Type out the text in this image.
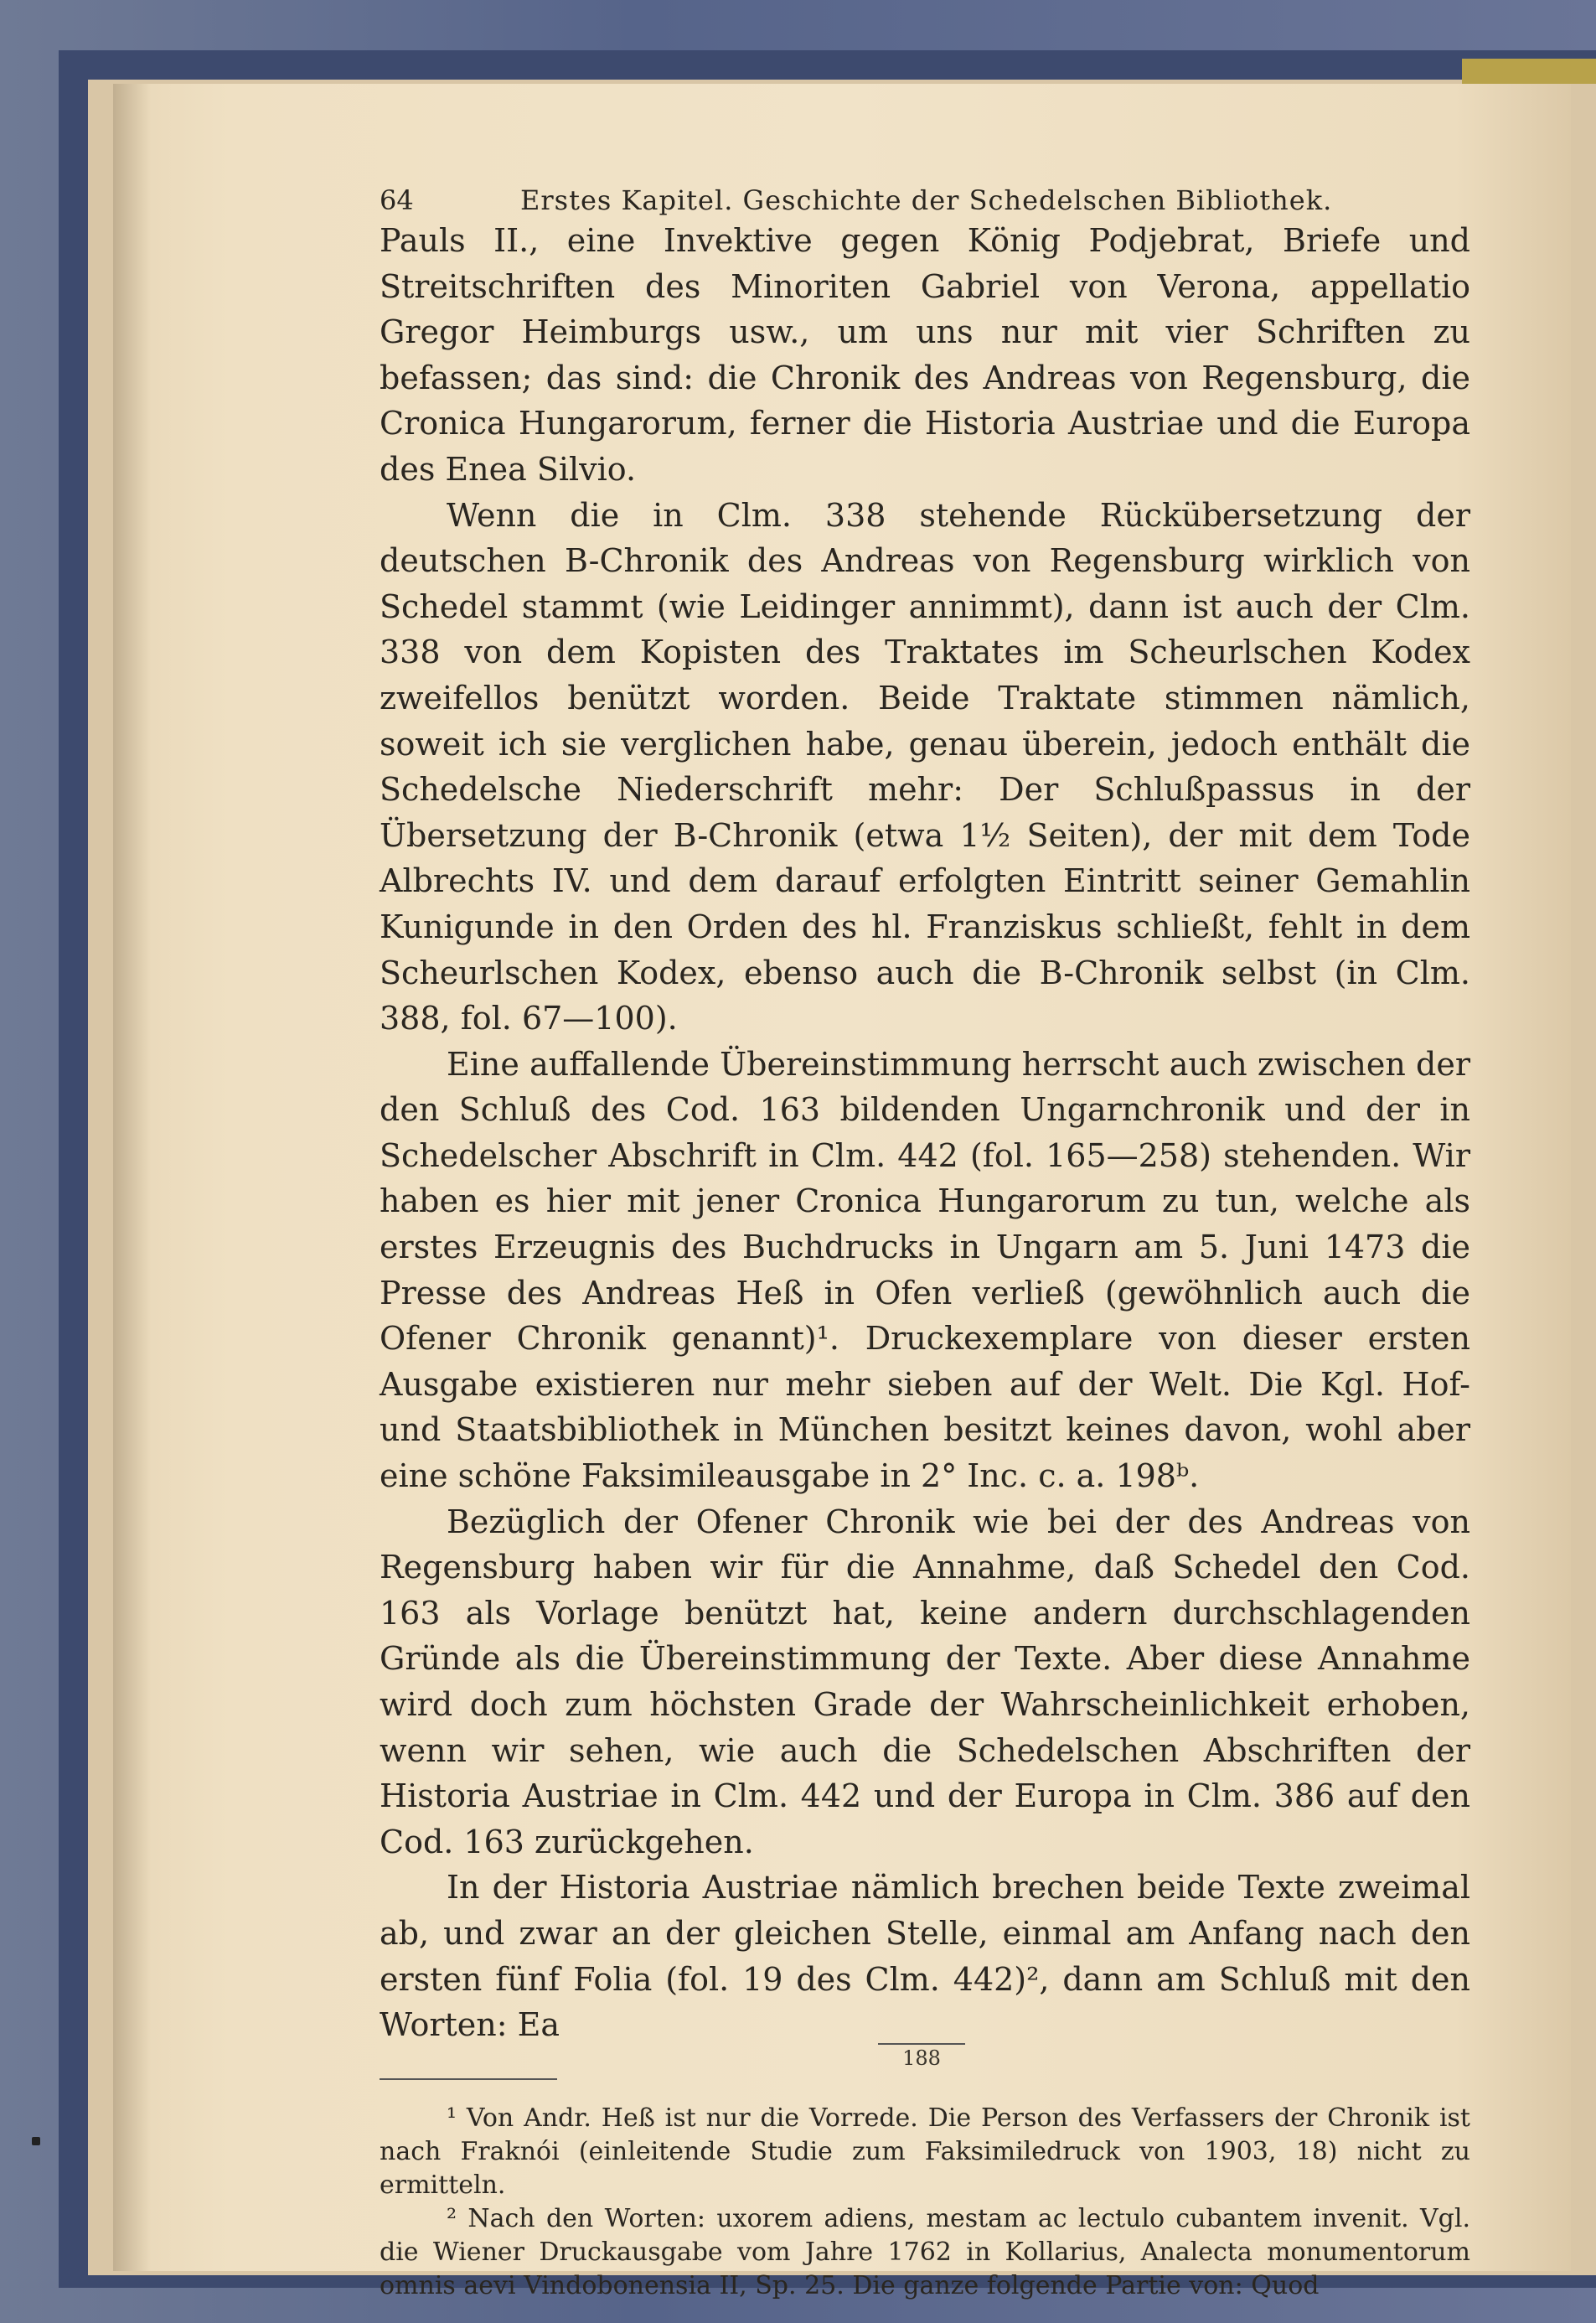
64	Erstes Kapitel. Geschichte der Schedelschen Bibliothek.

Pauls II., eine Invektive gegen König Podjebrat, Briefe und Streitschriften des Minoriten Gabriel von Verona, appellatio Gregor Heimburgs usw., um uns nur mit vier Schriften zu befassen; das sind: die Chronik des Andreas von Regensburg, die Cronica Hungarorum, ferner die Historia Austriae und die Europa des Enea Silvio.

Wenn die in Clm. 338 stehende Rückübersetzung der deutschen B-Chronik des Andreas von Regensburg wirklich von Schedel stammt (wie Leidinger annimmt), dann ist auch der Clm. 338 von dem Kopisten des Traktates im Scheurlschen Kodex zweifellos benützt worden. Beide Traktate stimmen nämlich, soweit ich sie verglichen habe, genau überein, jedoch enthält die Schedelsche Niederschrift mehr: Der Schlußpassus in der Übersetzung der B-Chronik (etwa 1½ Seiten), der mit dem Tode Albrechts IV. und dem darauf erfolgten Eintritt seiner Gemahlin Kunigunde in den Orden des hl. Franziskus schließt, fehlt in dem Scheurlschen Kodex, ebenso auch die B-Chronik selbst (in Clm. 388, fol. 67—100).

Eine auffallende Übereinstimmung herrscht auch zwischen der den Schluß des Cod. 163 bildenden Ungarnchronik und der in Schedelscher Abschrift in Clm. 442 (fol. 165—258) stehenden. Wir haben es hier mit jener Cronica Hungarorum zu tun, welche als erstes Erzeugnis des Buchdrucks in Ungarn am 5. Juni 1473 die Presse des Andreas Heß in Ofen verließ (gewöhnlich auch die Ofener Chronik genannt)¹. Druckexemplare von dieser ersten Ausgabe existieren nur mehr sieben auf der Welt. Die Kgl. Hof- und Staatsbibliothek in München besitzt keines davon, wohl aber eine schöne Faksimileausgabe in 2° Inc. c. a. 198ᵇ.

Bezüglich der Ofener Chronik wie bei der des Andreas von Regensburg haben wir für die Annahme, daß Schedel den Cod. 163 als Vorlage benützt hat, keine andern durchschlagenden Gründe als die Übereinstimmung der Texte. Aber diese Annahme wird doch zum höchsten Grade der Wahrscheinlichkeit erhoben, wenn wir sehen, wie auch die Schedelschen Abschriften der Historia Austriae in Clm. 442 und der Europa in Clm. 386 auf den Cod. 163 zurückgehen.

In der Historia Austriae nämlich brechen beide Texte zweimal ab, und zwar an der gleichen Stelle, einmal am Anfang nach den ersten fünf Folia (fol. 19 des Clm. 442)², dann am Schluß mit den Worten: Ea

¹ Von Andr. Heß ist nur die Vorrede. Die Person des Verfassers der Chronik ist nach Fraknói (einleitende Studie zum Faksimiledruck von 1903, 18) nicht zu ermitteln.

² Nach den Worten: uxorem adiens, mestam ac lectulo cubantem invenit. Vgl. die Wiener Druckausgabe vom Jahre 1762 in Kollarius, Analecta monumentorum omnis aevi Vindobonensia II, Sp. 25. Die ganze folgende Partie von: Quod

188
